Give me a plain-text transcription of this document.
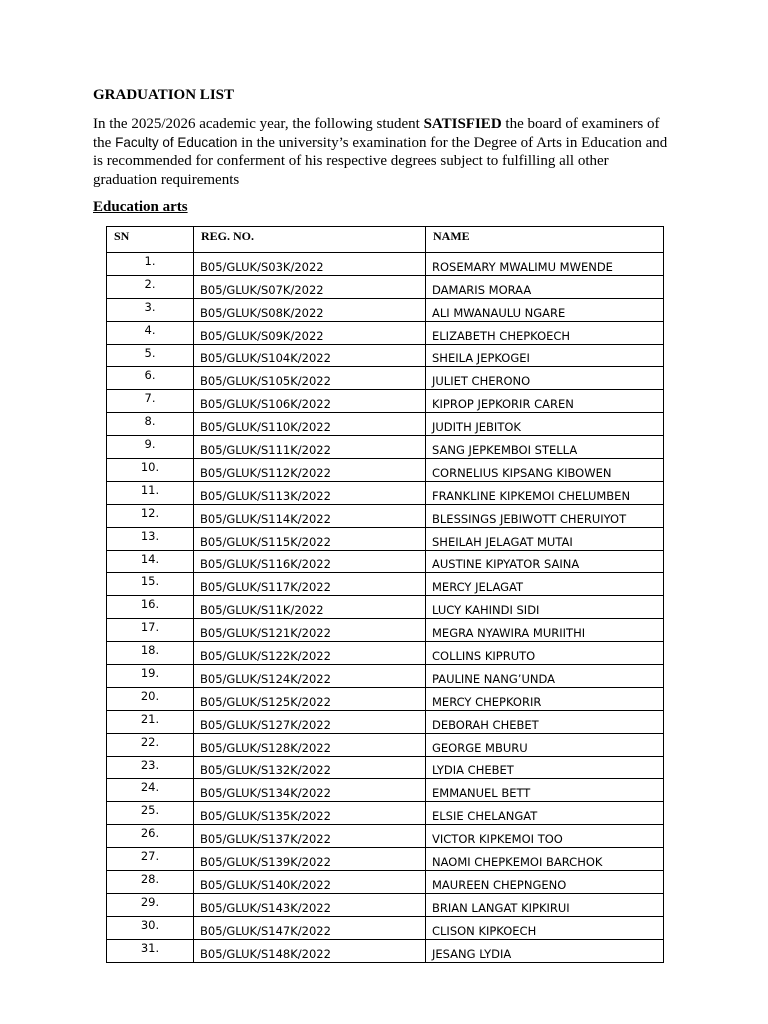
GRADUATION LIST
In the 2025/2026 academic year, the following student SATISFIED the board of examiners of the Faculty of Education in the university’s examination for the Degree of Arts in Education and is recommended for conferment of his respective degrees subject to fulfilling all other graduation requirements
Education arts
SN	REG. NO.	NAME
1.	B05/GLUK/S03K/2022	ROSEMARY MWALIMU MWENDE
2.	B05/GLUK/S07K/2022	DAMARIS MORAA
3.	B05/GLUK/S08K/2022	ALI MWANAULU NGARE
4.	B05/GLUK/S09K/2022	ELIZABETH CHEPKOECH
5.	B05/GLUK/S104K/2022	SHEILA JEPKOGEI
6.	B05/GLUK/S105K/2022	JULIET CHERONO
7.	B05/GLUK/S106K/2022	KIPROP JEPKORIR CAREN
8.	B05/GLUK/S110K/2022	JUDITH JEBITOK
9.	B05/GLUK/S111K/2022	SANG JEPKEMBOI STELLA
10.	B05/GLUK/S112K/2022	CORNELIUS KIPSANG KIBOWEN
11.	B05/GLUK/S113K/2022	FRANKLINE KIPKEMOI CHELUMBEN
12.	B05/GLUK/S114K/2022	BLESSINGS JEBIWOTT CHERUIYOT
13.	B05/GLUK/S115K/2022	SHEILAH JELAGAT MUTAI
14.	B05/GLUK/S116K/2022	AUSTINE KIPYATOR SAINA
15.	B05/GLUK/S117K/2022	MERCY JELAGAT
16.	B05/GLUK/S11K/2022	LUCY KAHINDI SIDI
17.	B05/GLUK/S121K/2022	MEGRA NYAWIRA MURIITHI
18.	B05/GLUK/S122K/2022	COLLINS KIPRUTO
19.	B05/GLUK/S124K/2022	PAULINE NANG’UNDA
20.	B05/GLUK/S125K/2022	MERCY CHEPKORIR
21.	B05/GLUK/S127K/2022	DEBORAH CHEBET
22.	B05/GLUK/S128K/2022	GEORGE MBURU
23.	B05/GLUK/S132K/2022	LYDIA CHEBET
24.	B05/GLUK/S134K/2022	EMMANUEL BETT
25.	B05/GLUK/S135K/2022	ELSIE CHELANGAT
26.	B05/GLUK/S137K/2022	VICTOR KIPKEMOI TOO
27.	B05/GLUK/S139K/2022	NAOMI CHEPKEMOI BARCHOK
28.	B05/GLUK/S140K/2022	MAUREEN CHEPNGENO
29.	B05/GLUK/S143K/2022	BRIAN LANGAT KIPKIRUI
30.	B05/GLUK/S147K/2022	CLISON KIPKOECH
31.	B05/GLUK/S148K/2022	JESANG LYDIA
